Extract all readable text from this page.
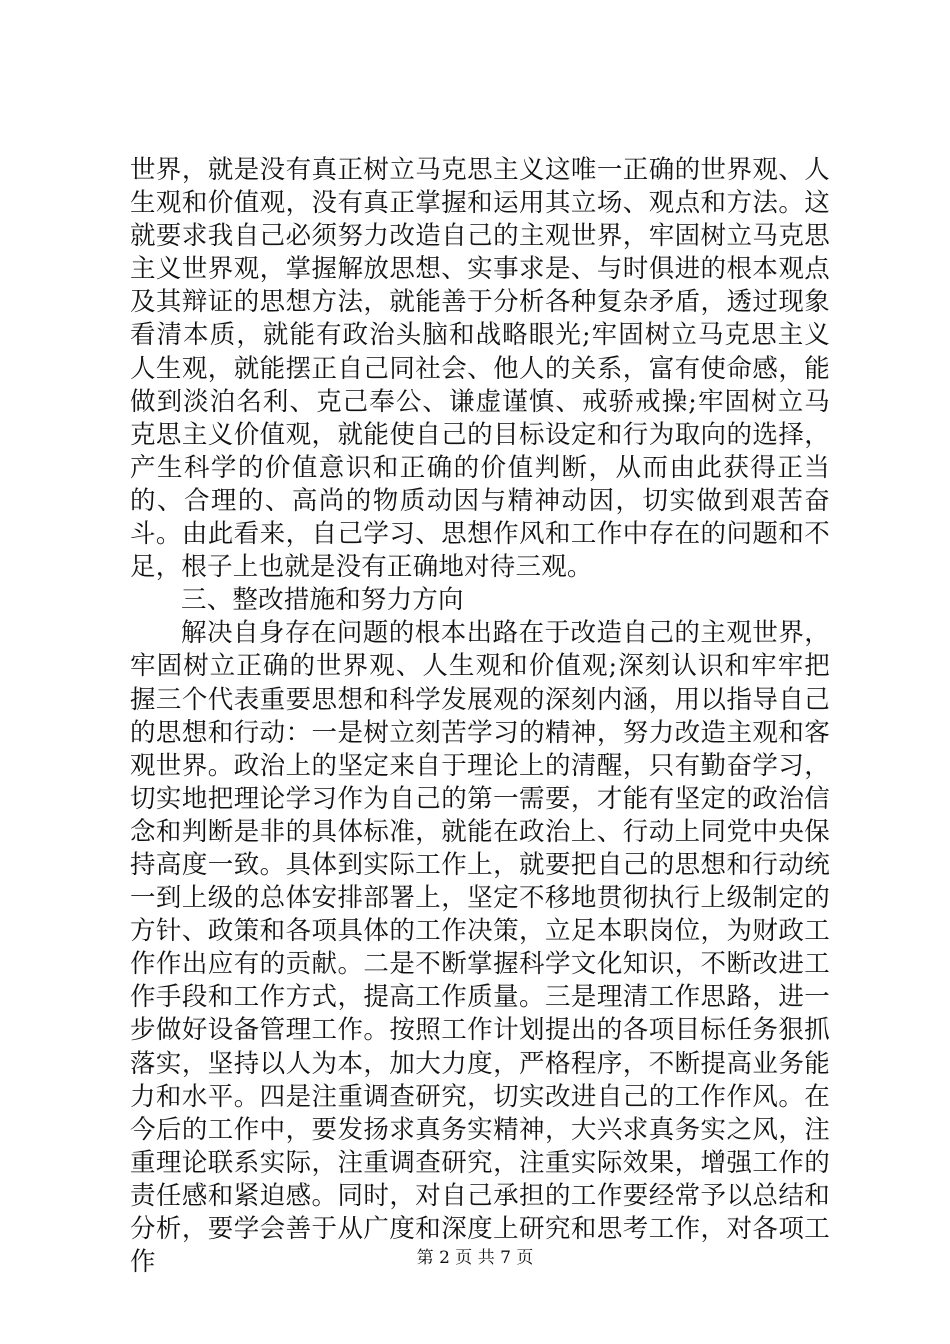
世界，就是没有真正树立马克思主义这唯一正确的世界观、人生观和价值观，没有真正掌握和运用其立场、观点和方法。这就要求我自己必须努力改造自己的主观世界，牢固树立马克思主义世界观，掌握解放思想、实事求是、与时俱进的根本观点及其辩证的思想方法，就能善于分析各种复杂矛盾，透过现象看清本质，就能有政治头脑和战略眼光;牢固树立马克思主义人生观，就能摆正自己同社会、他人的关系，富有使命感，能做到淡泊名利、克己奉公、谦虚谨慎、戒骄戒操;牢固树立马克思主义价值观，就能使自己的目标设定和行为取向的选择，产生科学的价值意识和正确的价值判断，从而由此获得正当的、合理的、高尚的物质动因与精神动因，切实做到艰苦奋斗。由此看来，自己学习、思想作风和工作中存在的问题和不足，根子上也就是没有正确地对待三观。

三、整改措施和努力方向

解决自身存在问题的根本出路在于改造自己的主观世界，牢固树立正确的世界观、人生观和价值观;深刻认识和牢牢把握三个代表重要思想和科学发展观的深刻内涵，用以指导自己的思想和行动：一是树立刻苦学习的精神，努力改造主观和客观世界。政治上的坚定来自于理论上的清醒，只有勤奋学习，切实地把理论学习作为自己的第一需要，才能有坚定的政治信念和判断是非的具体标准，就能在政治上、行动上同党中央保持高度一致。具体到实际工作上，就要把自己的思想和行动统一到上级的总体安排部署上，坚定不移地贯彻执行上级制定的方针、政策和各项具体的工作决策，立足本职岗位，为财政工作作出应有的贡献。二是不断掌握科学文化知识，不断改进工作手段和工作方式，提高工作质量。三是理清工作思路，进一步做好设备管理工作。按照工作计划提出的各项目标任务狠抓落实，坚持以人为本，加大力度，严格程序，不断提高业务能力和水平。四是注重调查研究，切实改进自己的工作作风。在今后的工作中，要发扬求真务实精神，大兴求真务实之风，注重理论联系实际，注重调查研究，注重实际效果，增强工作的责任感和紧迫感。同时，对自己承担的工作要经常予以总结和分析，要学会善于从广度和深度上研究和思考工作，对各项工作	第 2 页 共 7 页
